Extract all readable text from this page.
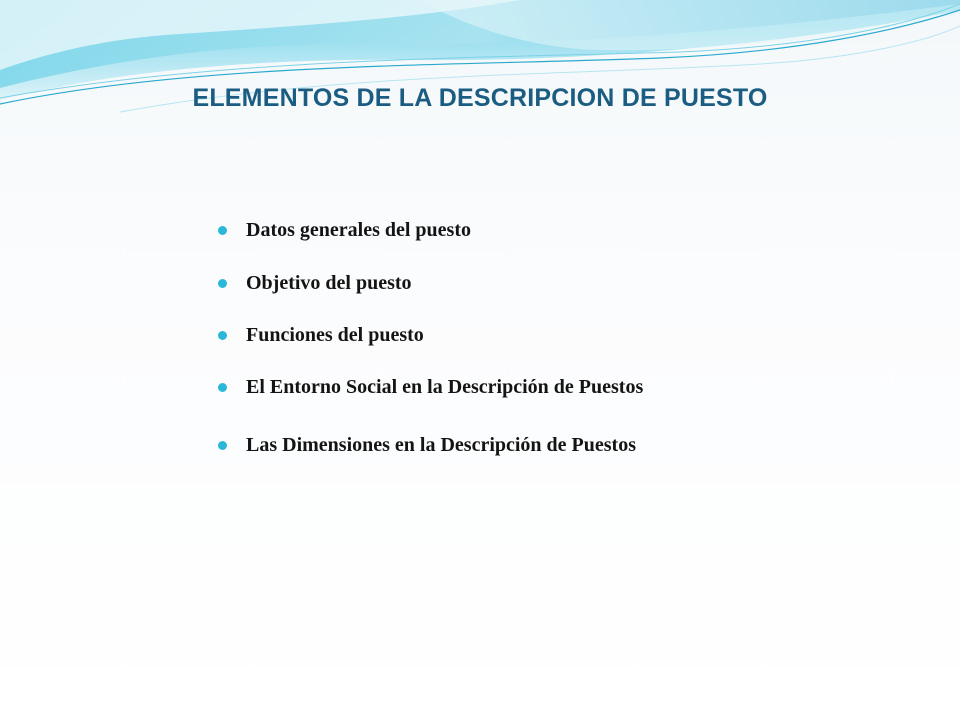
ELEMENTOS DE LA DESCRIPCION DE PUESTO
Datos generales del puesto
Objetivo del puesto
Funciones del puesto
El Entorno Social en la Descripción de Puestos
Las Dimensiones en la Descripción de Puestos
